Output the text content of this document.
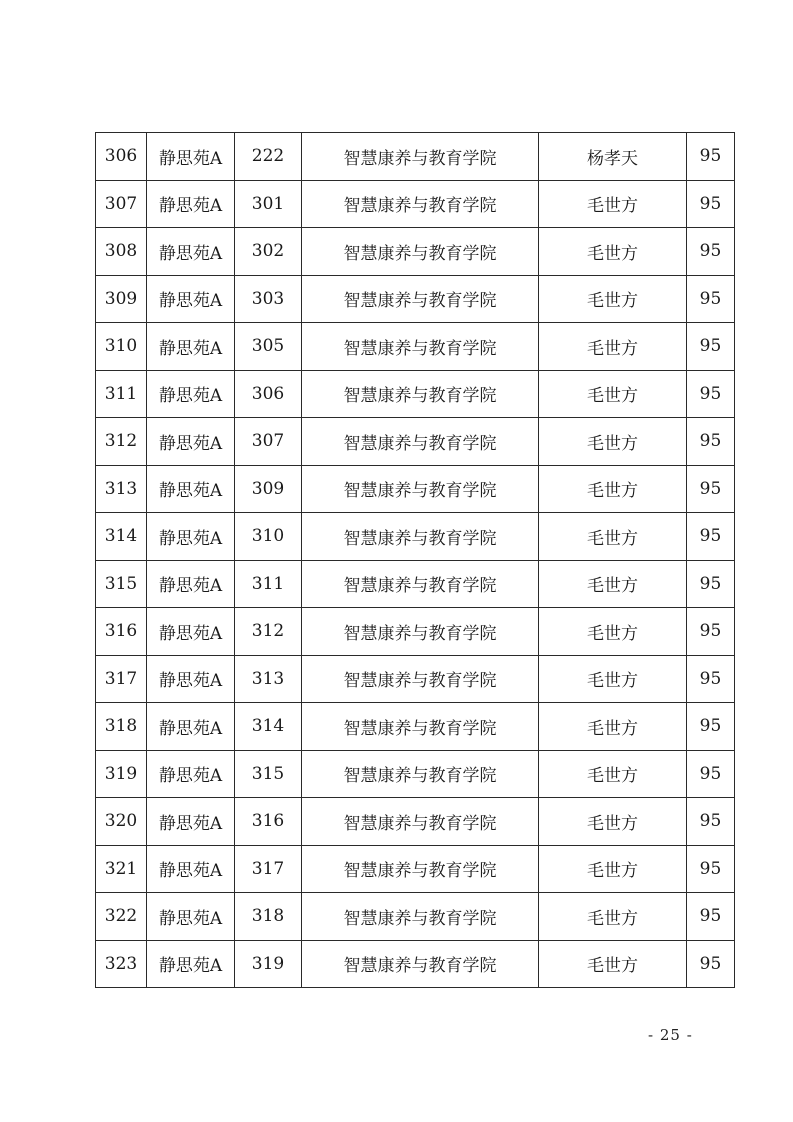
306	静思苑A	222	智慧康养与教育学院	杨孝天	95
307	静思苑A	301	智慧康养与教育学院	毛世方	95
308	静思苑A	302	智慧康养与教育学院	毛世方	95
309	静思苑A	303	智慧康养与教育学院	毛世方	95
310	静思苑A	305	智慧康养与教育学院	毛世方	95
311	静思苑A	306	智慧康养与教育学院	毛世方	95
312	静思苑A	307	智慧康养与教育学院	毛世方	95
313	静思苑A	309	智慧康养与教育学院	毛世方	95
314	静思苑A	310	智慧康养与教育学院	毛世方	95
315	静思苑A	311	智慧康养与教育学院	毛世方	95
316	静思苑A	312	智慧康养与教育学院	毛世方	95
317	静思苑A	313	智慧康养与教育学院	毛世方	95
318	静思苑A	314	智慧康养与教育学院	毛世方	95
319	静思苑A	315	智慧康养与教育学院	毛世方	95
320	静思苑A	316	智慧康养与教育学院	毛世方	95
321	静思苑A	317	智慧康养与教育学院	毛世方	95
322	静思苑A	318	智慧康养与教育学院	毛世方	95
323	静思苑A	319	智慧康养与教育学院	毛世方	95
- 25 -
